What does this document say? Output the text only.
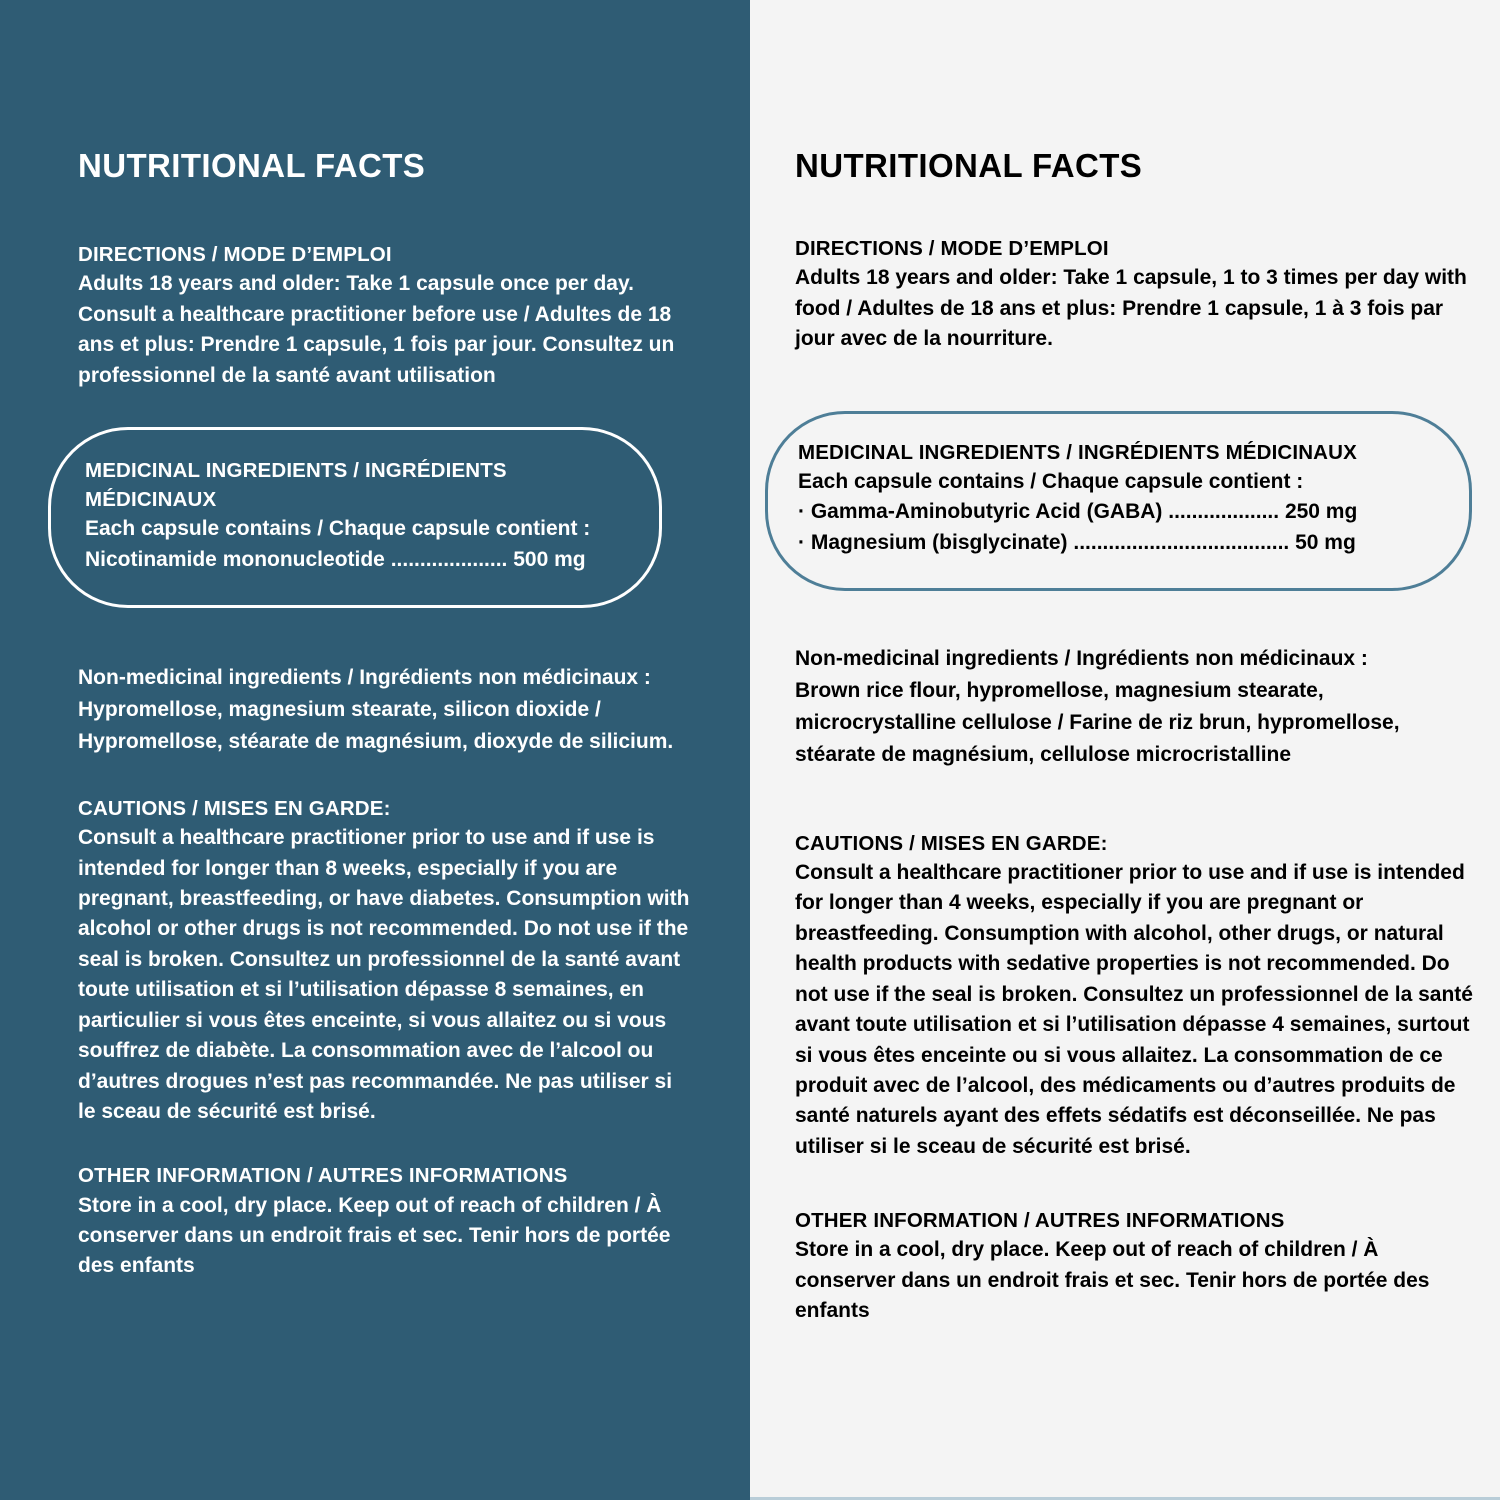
NUTRITIONAL FACTS

DIRECTIONS / MODE D’EMPLOI

Adults 18 years and older: Take 1 capsule once per day. Consult a healthcare practitioner before use / Adultes de 18 ans et plus: Prendre 1 capsule, 1 fois par jour. Consultez un professionnel de la santé avant utilisation

MEDICINAL INGREDIENTS / INGRÉDIENTS MÉDICINAUX

Each capsule contains / Chaque capsule contient :

Nicotinamide mononucleotide .................... 500 mg

Non-medicinal ingredients / Ingrédients non médicinaux :

Hypromellose, magnesium stearate, silicon dioxide / Hypromellose, stéarate de magnésium, dioxyde de silicium.

CAUTIONS / MISES EN GARDE:

Consult a healthcare practitioner prior to use and if use is intended for longer than 8 weeks, especially if you are pregnant, breastfeeding, or have diabetes. Consumption with alcohol or other drugs is not recommended. Do not use if the seal is broken. Consultez un professionnel de la santé avant toute utilisation et si l’utilisation dépasse 8 semaines, en particulier si vous êtes enceinte, si vous allaitez ou si vous souffrez de diabète. La consommation avec de l’alcool ou d’autres drogues n’est pas recommandée. Ne pas utiliser si le sceau de sécurité est brisé.

OTHER INFORMATION / AUTRES INFORMATIONS

Store in a cool, dry place. Keep out of reach of children / À conserver dans un endroit frais et sec. Tenir hors de portée des enfants

NUTRITIONAL FACTS

DIRECTIONS / MODE D’EMPLOI

Adults 18 years and older: Take 1 capsule, 1 to 3 times per day with food / Adultes de 18 ans et plus: Prendre 1 capsule, 1 à 3 fois par jour avec de la nourriture.

MEDICINAL INGREDIENTS / INGRÉDIENTS MÉDICINAUX

Each capsule contains / Chaque capsule contient :

· Gamma-Aminobutyric Acid (GABA) ................... 250 mg

· Magnesium (bisglycinate) ..................................... 50 mg

Non-medicinal ingredients / Ingrédients non médicinaux :

Brown rice flour, hypromellose, magnesium stearate, microcrystalline cellulose / Farine de riz brun, hypromellose, stéarate de magnésium, cellulose microcristalline

CAUTIONS / MISES EN GARDE:

Consult a healthcare practitioner prior to use and if use is intended for longer than 4 weeks, especially if you are pregnant or breastfeeding. Consumption with alcohol, other drugs, or natural health products with sedative properties is not recommended. Do not use if the seal is broken. Consultez un professionnel de la santé avant toute utilisation et si l’utilisation dépasse 4 semaines, surtout si vous êtes enceinte ou si vous allaitez. La consommation de ce produit avec de l’alcool, des médicaments ou d’autres produits de santé naturels ayant des effets sédatifs est déconseillée. Ne pas utiliser si le sceau de sécurité est brisé.

OTHER INFORMATION / AUTRES INFORMATIONS

Store in a cool, dry place. Keep out of reach of children / À conserver dans un endroit frais et sec. Tenir hors de portée des enfants
